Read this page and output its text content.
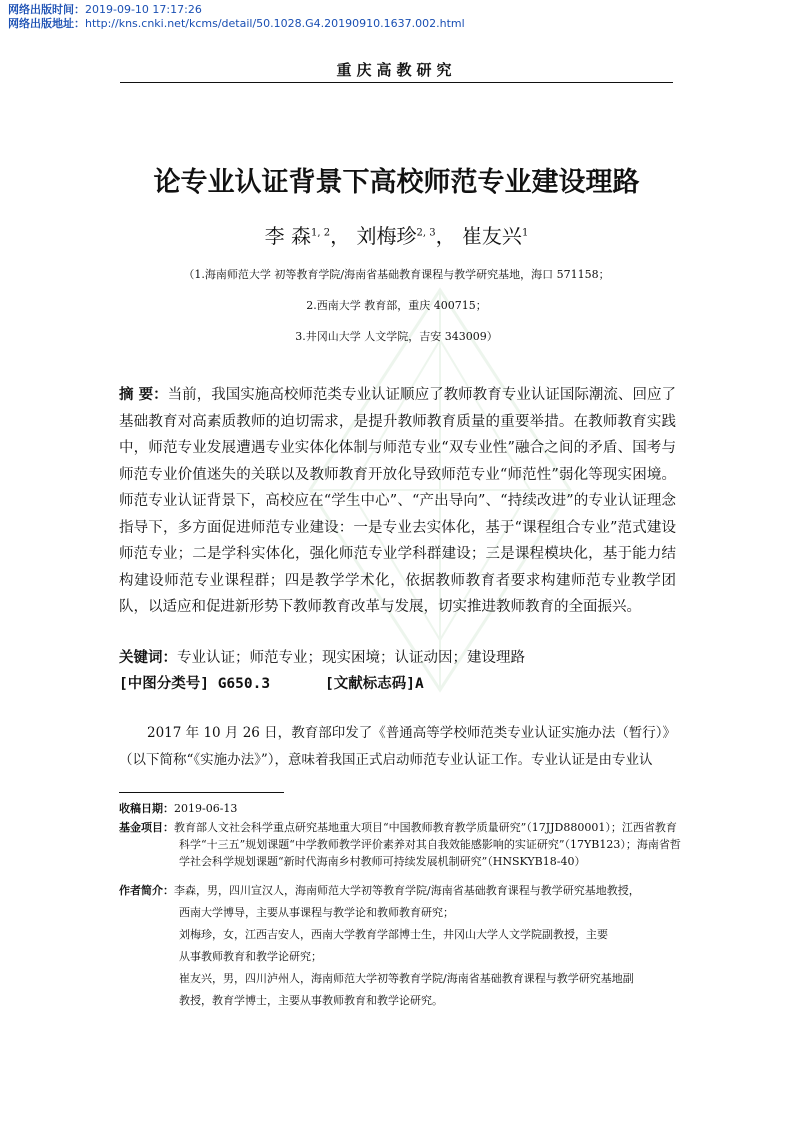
网络出版时间：2019-09-10 17:17:26
网络出版地址：http://kns.cnki.net/kcms/detail/50.1028.G4.20190910.1637.002.html
重庆高教研究
论专业认证背景下高校师范专业建设理路
李 森$^{1, 2}$， 刘梅珍$^{2, 3}$， 崔友兴$^1$
（1.海南师范大学 初等教育学院/海南省基础教育课程与教学研究基地，海口 571158；
2.西南大学 教育部，重庆 400715；
3.井冈山大学 人文学院，吉安 343009）
摘 要：当前，我国实施高校师范类专业认证顺应了教师教育专业认证国际潮流、回应了基础教育对高素质教师的迫切需求，是提升教师教育质量的重要举措。在教师教育实践中，师范专业发展遭遇专业实体化体制与师范专业“双专业性”融合之间的矛盾、国考与师范专业价值迷失的关联以及教师教育开放化导致师范专业“师范性”弱化等现实困境。师范专业认证背景下，高校应在“学生中心”、“产出导向”、“持续改进”的专业认证理念指导下，多方面促进师范专业建设：一是专业去实体化，基于“课程组合专业”范式建设师范专业；二是学科实体化，强化师范专业学科群建设；三是课程模块化，基于能力结构建设师范专业课程群；四是教学学术化，依据教师教育者要求构建师范专业教学团队，以适应和促进新形势下教师教育改革与发展，切实推进教师教育的全面振兴。
关键词：专业认证；师范专业；现实困境；认证动因；建设理路
[中图分类号] G650.3	[文献标志码]A
2017 年 10 月 26 日，教育部印发了《普通高等学校师范类专业认证实施办法（暂行）》（以下简称“《实施办法》”），意味着我国正式启动师范专业认证工作。专业认证是由专业认
收稿日期：2019-06-13
基金项目：教育部人文社会科学重点研究基地重大项目“中国教师教育教学质量研究”（17JJD880001）；江西省教育科学“十三五”规划课题“中学教师教学评价素养对其自我效能感影响的实证研究”（17YB123）；海南省哲学社会科学规划课题“新时代海南乡村教师可持续发展机制研究”（HNSKYB18-40）
作者简介：李森，男，四川宣汉人，海南师范大学初等教育学院/海南省基础教育课程与教学研究基地教授，
西南大学博导，主要从事课程与教学论和教师教育研究；
刘梅珍，女，江西吉安人，西南大学教育学部博士生，井冈山大学人文学院副教授，主要
从事教师教育和教学论研究；
崔友兴，男，四川泸州人，海南师范大学初等教育学院/海南省基础教育课程与教学研究基地副
教授，教育学博士，主要从事教师教育和教学论研究。
